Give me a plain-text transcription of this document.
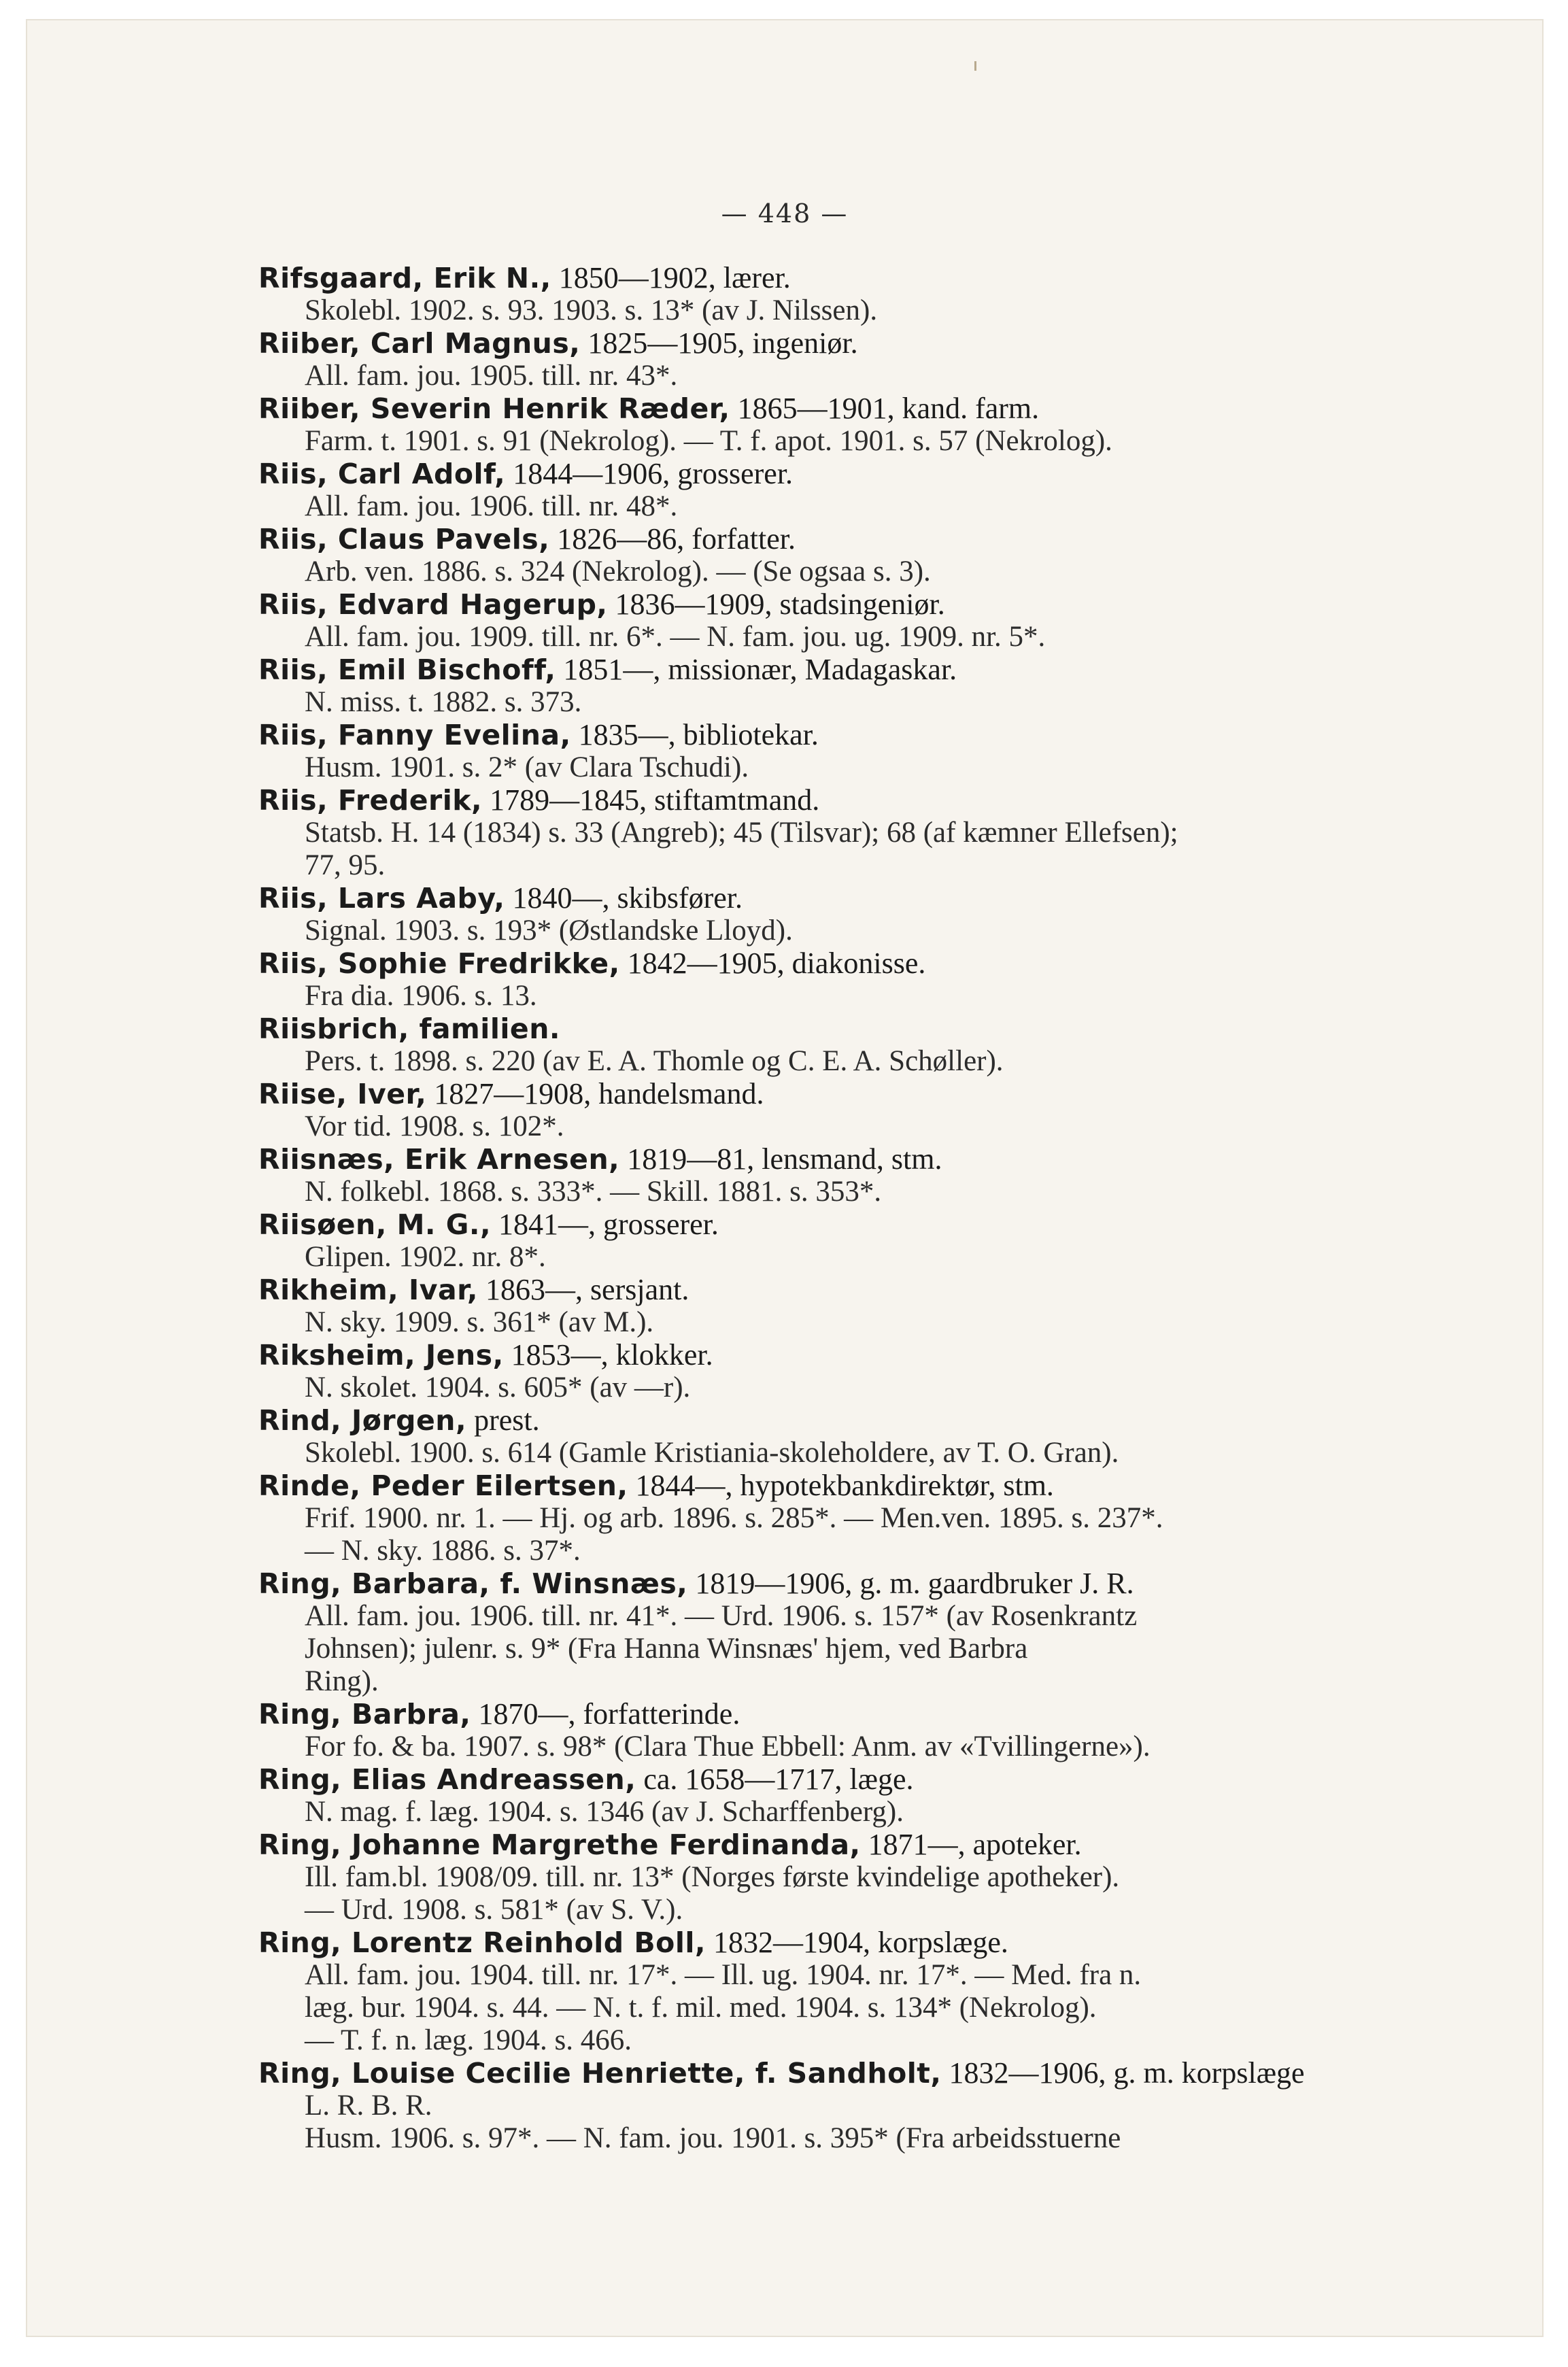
— 448 —
Rifsgaard, Erik N., 1850—1902, lærer.
Skolebl. 1902. s. 93. 1903. s. 13* (av J. Nilssen).
Riiber, Carl Magnus, 1825—1905, ingeniør.
All. fam. jou. 1905. till. nr. 43*.
Riiber, Severin Henrik Ræder, 1865—1901, kand. farm.
Farm. t. 1901. s. 91 (Nekrolog). — T. f. apot. 1901. s. 57 (Nekrolog).
Riis, Carl Adolf, 1844—1906, grosserer.
All. fam. jou. 1906. till. nr. 48*.
Riis, Claus Pavels, 1826—86, forfatter.
Arb. ven. 1886. s. 324 (Nekrolog). — (Se ogsaa s. 3).
Riis, Edvard Hagerup, 1836—1909, stadsingeniør.
All. fam. jou. 1909. till. nr. 6*. — N. fam. jou. ug. 1909. nr. 5*.
Riis, Emil Bischoff, 1851—, missionær, Madagaskar.
N. miss. t. 1882. s. 373.
Riis, Fanny Evelina, 1835—, bibliotekar.
Husm. 1901. s. 2* (av Clara Tschudi).
Riis, Frederik, 1789—1845, stiftamtmand.
Statsb. H. 14 (1834) s. 33 (Angreb); 45 (Tilsvar); 68 (af kæmner Ellefsen);
77, 95.
Riis, Lars Aaby, 1840—, skibsfører.
Signal. 1903. s. 193* (Østlandske Lloyd).
Riis, Sophie Fredrikke, 1842—1905, diakonisse.
Fra dia. 1906. s. 13.
Riisbrich, familien.
Pers. t. 1898. s. 220 (av E. A. Thomle og C. E. A. Schøller).
Riise, Iver, 1827—1908, handelsmand.
Vor tid. 1908. s. 102*.
Riisnæs, Erik Arnesen, 1819—81, lensmand, stm.
N. folkebl. 1868. s. 333*. — Skill. 1881. s. 353*.
Riisøen, M. G., 1841—, grosserer.
Glipen. 1902. nr. 8*.
Rikheim, Ivar, 1863—, sersjant.
N. sky. 1909. s. 361* (av M.).
Riksheim, Jens, 1853—, klokker.
N. skolet. 1904. s. 605* (av —r).
Rind, Jørgen, prest.
Skolebl. 1900. s. 614 (Gamle Kristiania-skoleholdere, av T. O. Gran).
Rinde, Peder Eilertsen, 1844—, hypotekbankdirektør, stm.
Frif. 1900. nr. 1. — Hj. og arb. 1896. s. 285*. — Men.ven. 1895. s. 237*.
— N. sky. 1886. s. 37*.
Ring, Barbara, f. Winsnæs, 1819—1906, g. m. gaardbruker J. R.
All. fam. jou. 1906. till. nr. 41*. — Urd. 1906. s. 157* (av Rosenkrantz
Johnsen); julenr. s. 9* (Fra Hanna Winsnæs' hjem, ved Barbra
Ring).
Ring, Barbra, 1870—, forfatterinde.
For fo. & ba. 1907. s. 98* (Clara Thue Ebbell: Anm. av «Tvillingerne»).
Ring, Elias Andreassen, ca. 1658—1717, læge.
N. mag. f. læg. 1904. s. 1346 (av J. Scharffenberg).
Ring, Johanne Margrethe Ferdinanda, 1871—, apoteker.
Ill. fam.bl. 1908/09. till. nr. 13* (Norges første kvindelige apotheker).
— Urd. 1908. s. 581* (av S. V.).
Ring, Lorentz Reinhold Boll, 1832—1904, korpslæge.
All. fam. jou. 1904. till. nr. 17*. — Ill. ug. 1904. nr. 17*. — Med. fra n.
læg. bur. 1904. s. 44. — N. t. f. mil. med. 1904. s. 134* (Nekrolog).
— T. f. n. læg. 1904. s. 466.
Ring, Louise Cecilie Henriette, f. Sandholt, 1832—1906, g. m. korpslæge
L. R. B. R.
Husm. 1906. s. 97*. — N. fam. jou. 1901. s. 395* (Fra arbeidsstuerne
